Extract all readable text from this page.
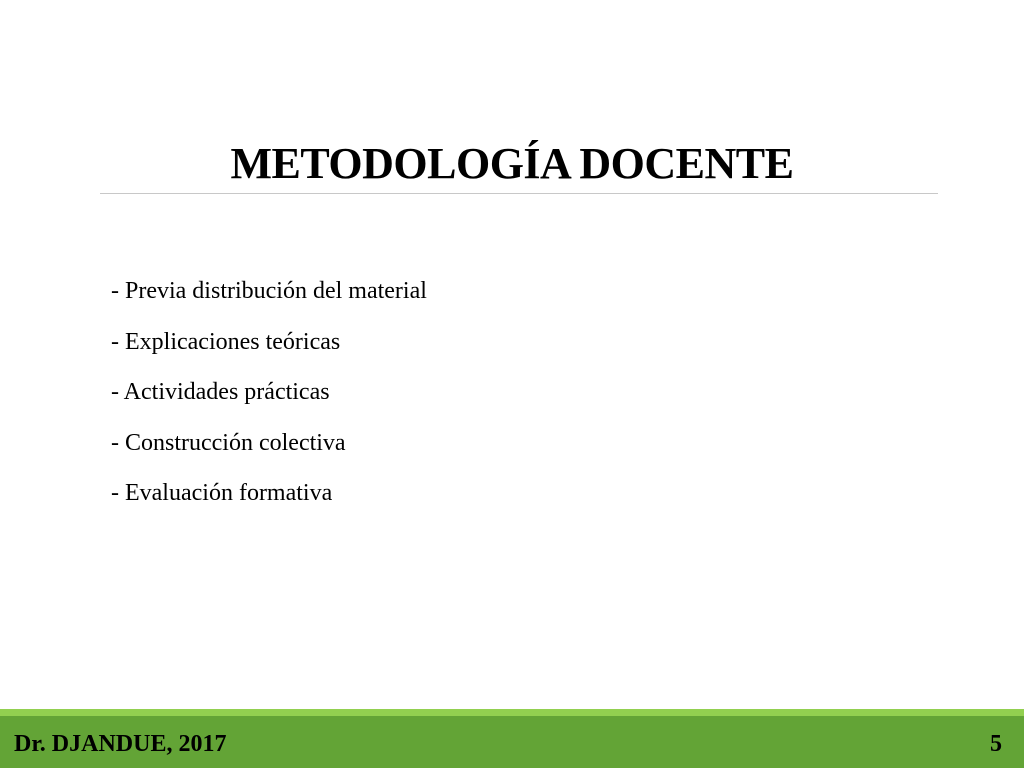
METODOLOGÍA DOCENTE
- Previa distribución del material
- Explicaciones teóricas
- Actividades prácticas
- Construcción colectiva
- Evaluación formativa
Dr. DJANDUE, 2017	5
